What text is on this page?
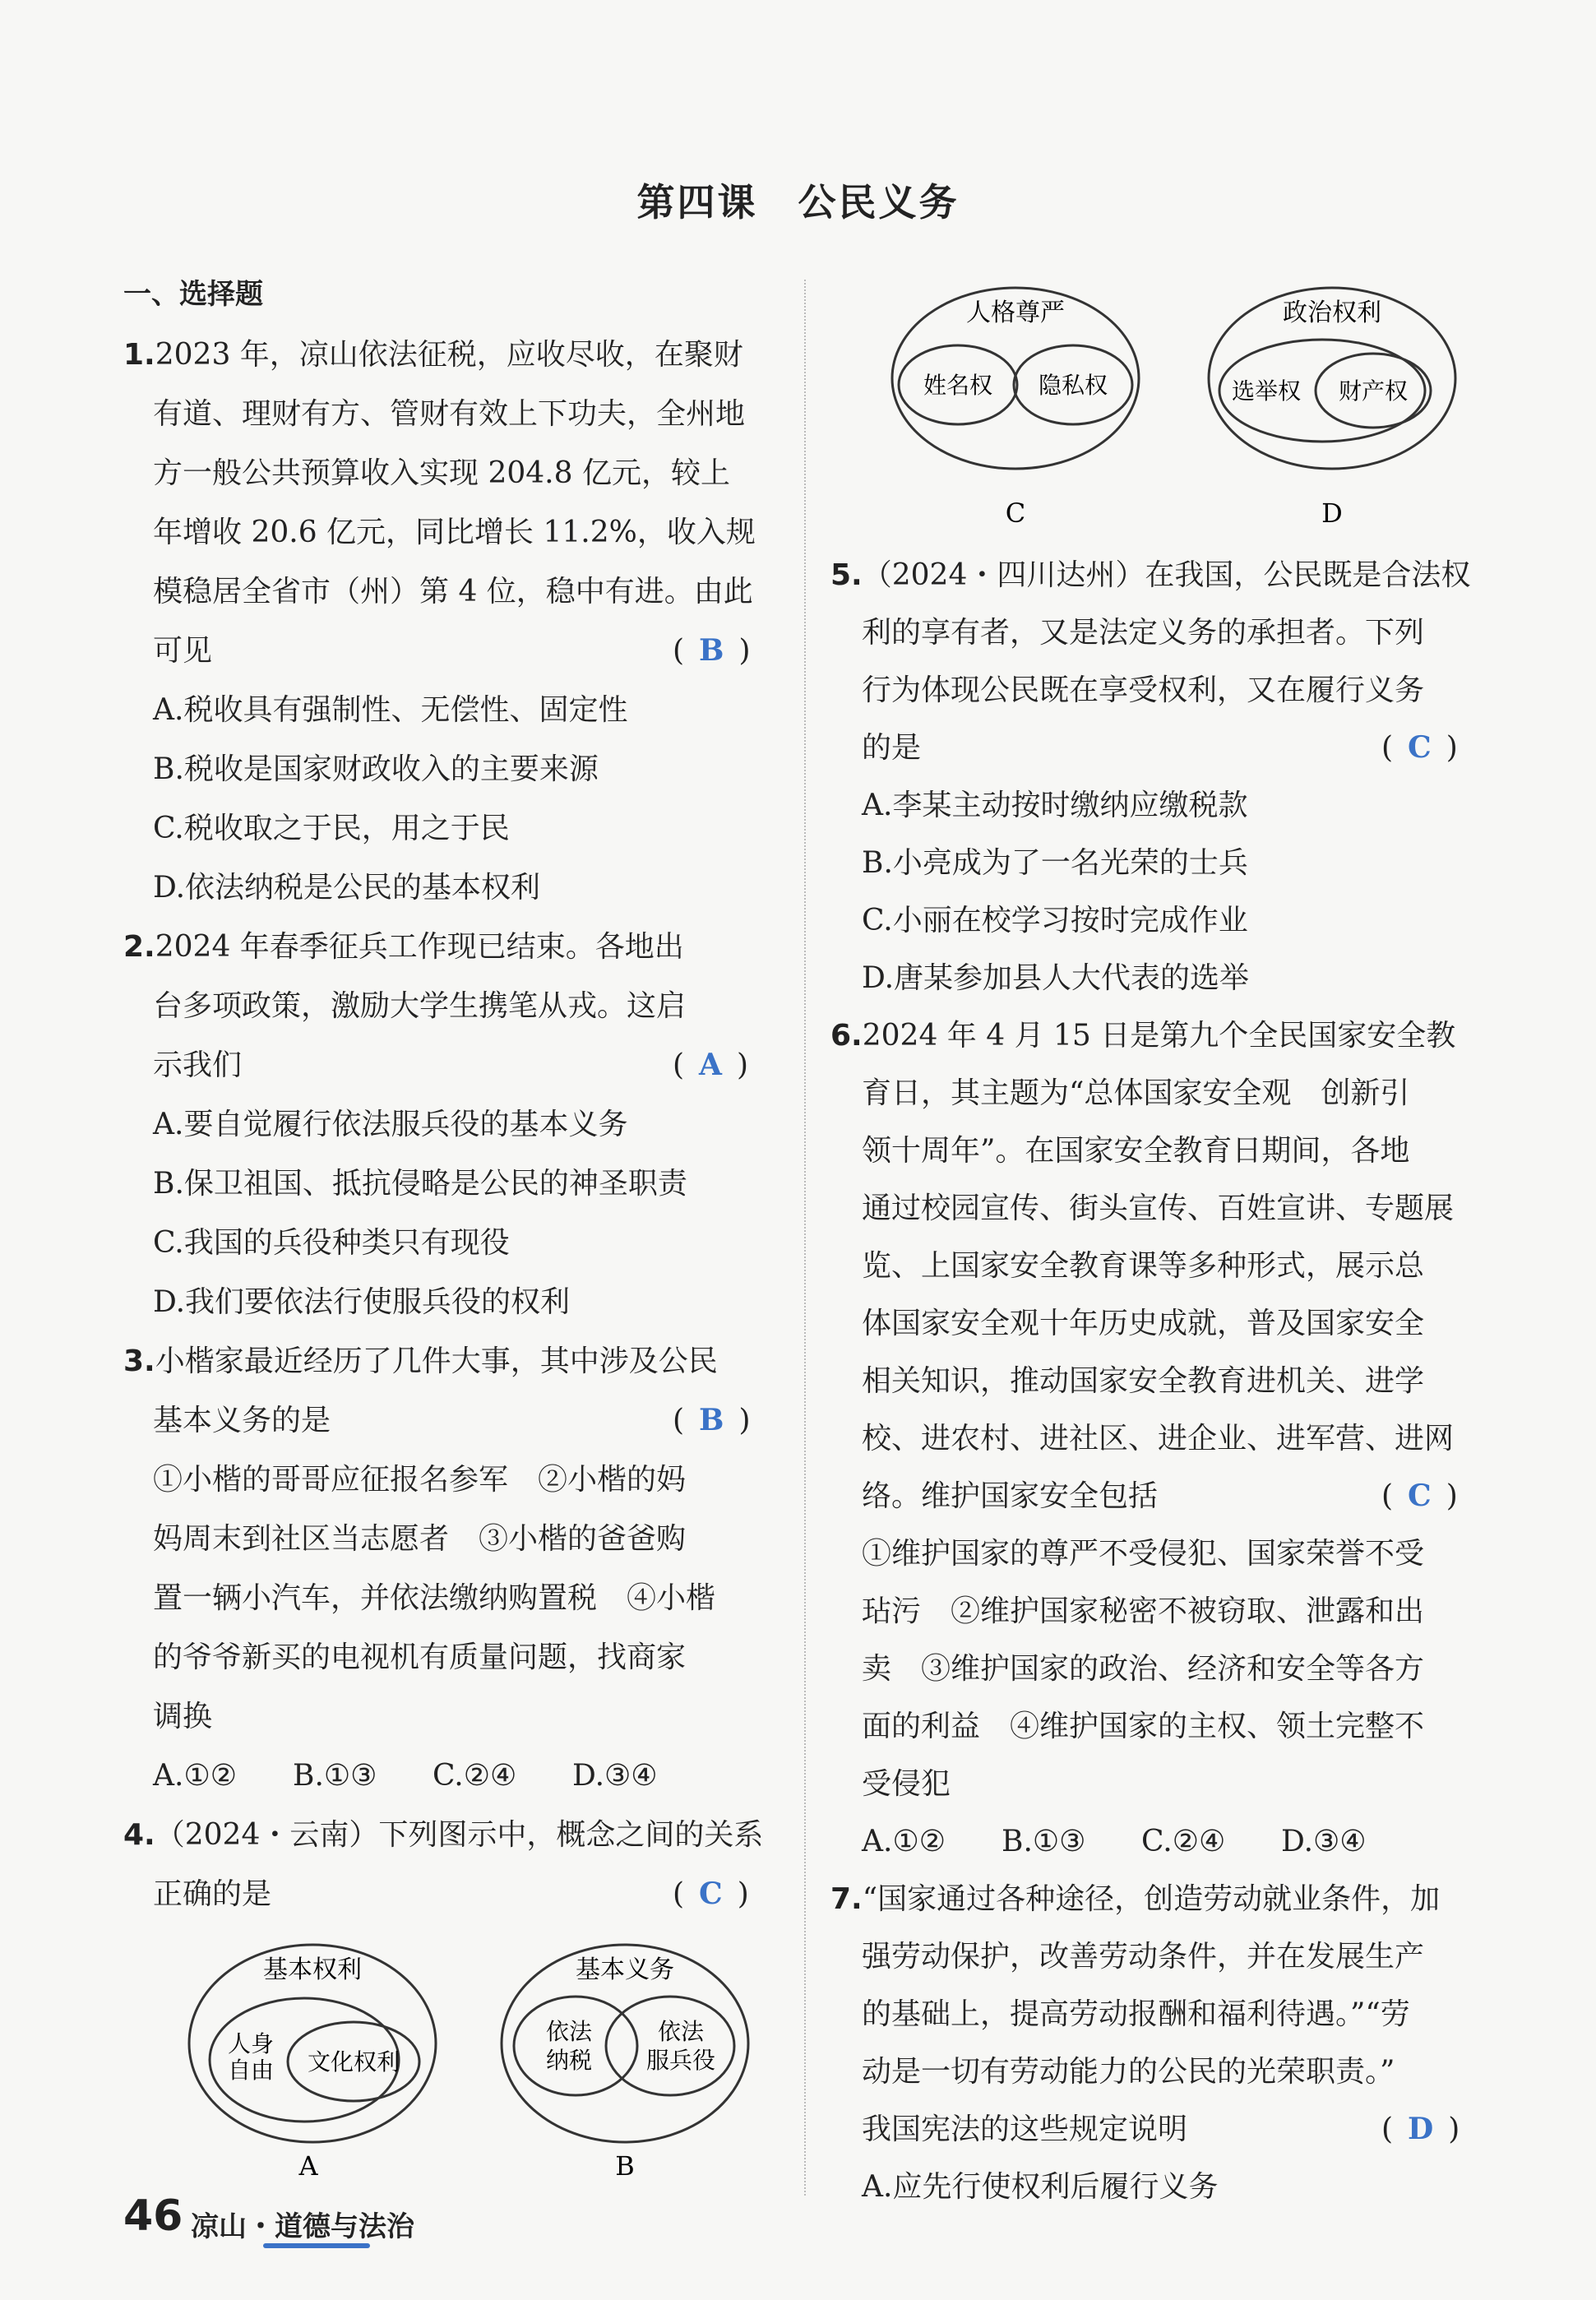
第四课　公民义务
一、选择题
1.2023 年，凉山依法征税，应收尽收，在聚财
有道、理财有方、管财有效上下功夫，全州地
方一般公共预算收入实现 204.8 亿元，较上
年增收 20.6 亿元，同比增长 11.2%，收入规
模稳居全省市（州）第 4 位，稳中有进。由此
可见	( B )
A.税收具有强制性、无偿性、固定性
B.税收是国家财政收入的主要来源
C.税收取之于民，用之于民
D.依法纳税是公民的基本权利
2.2024 年春季征兵工作现已结束。各地出
台多项政策，激励大学生携笔从戎。这启
示我们	( A )
A.要自觉履行依法服兵役的基本义务
B.保卫祖国、抵抗侵略是公民的神圣职责
C.我国的兵役种类只有现役
D.我们要依法行使服兵役的权利
3.小楷家最近经历了几件大事，其中涉及公民
基本义务的是	( B )
①小楷的哥哥应征报名参军　②小楷的妈
妈周末到社区当志愿者　③小楷的爸爸购
置一辆小汽车，并依法缴纳购置税　④小楷
的爷爷新买的电视机有质量问题，找商家
调换
A.①② B.①③ C.②④ D.③④
4.（2024・云南）下列图示中，概念之间的关系
正确的是	( C )
基本权利
人身
自由 文化权利
A
基本义务
依法
纳税
依法
服兵役
B
人格尊严
姓名权 隐私权
C
政治权利
选举权 财产权
D
5.（2024・四川达州）在我国，公民既是合法权
利的享有者，又是法定义务的承担者。下列
行为体现公民既在享受权利，又在履行义务
的是	( C )
A.李某主动按时缴纳应缴税款
B.小亮成为了一名光荣的士兵
C.小丽在校学习按时完成作业
D.唐某参加县人大代表的选举
6.2024 年 4 月 15 日是第九个全民国家安全教
育日，其主题为“总体国家安全观　创新引
领十周年”。在国家安全教育日期间，各地
通过校园宣传、街头宣传、百姓宣讲、专题展
览、上国家安全教育课等多种形式，展示总
体国家安全观十年历史成就，普及国家安全
相关知识，推动国家安全教育进机关、进学
校、进农村、进社区、进企业、进军营、进网
络。维护国家安全包括	( C )
①维护国家的尊严不受侵犯、国家荣誉不受
玷污　②维护国家秘密不被窃取、泄露和出
卖　③维护国家的政治、经济和安全等各方
面的利益　④维护国家的主权、领土完整不
受侵犯
A.①② B.①③ C.②④ D.③④
7.“国家通过各种途径，创造劳动就业条件，加
强劳动保护，改善劳动条件，并在发展生产
的基础上，提高劳动报酬和福利待遇。”“劳
动是一切有劳动能力的公民的光荣职责。”
我国宪法的这些规定说明	( D )
A.应先行使权利后履行义务
46 凉山・道德与法治
